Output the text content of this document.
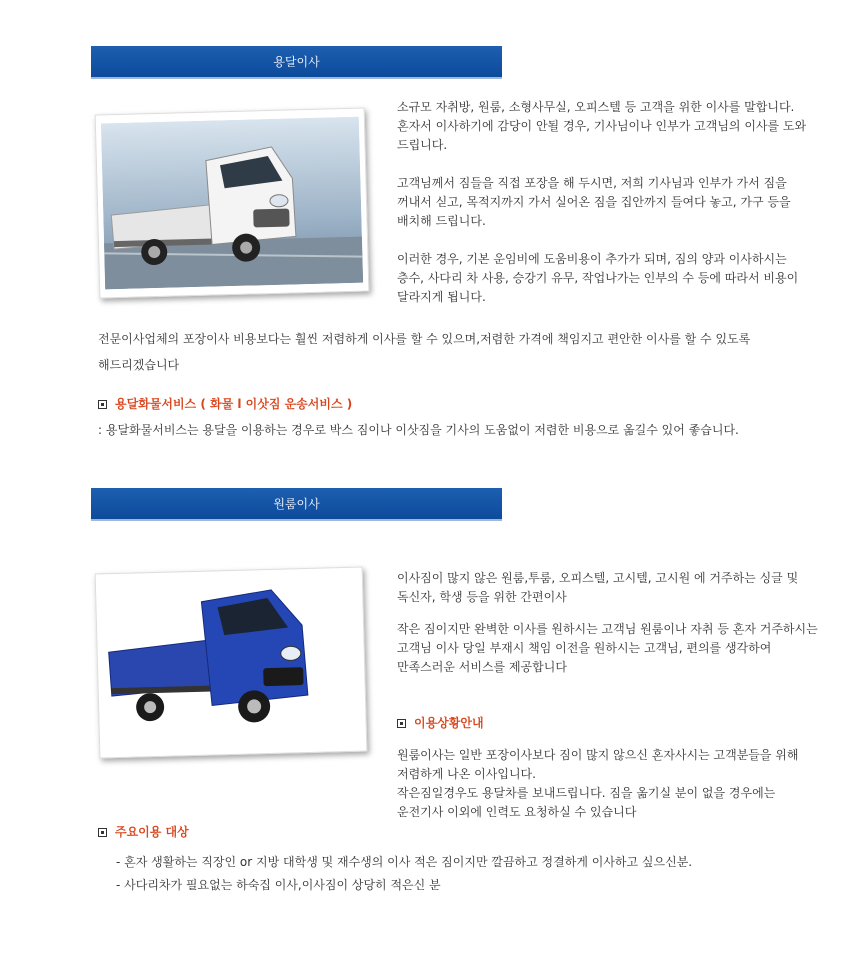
용달이사
소규모 자취방, 원룸, 소형사무실, 오피스텔 등 고객을 위한 이사를 말합니다.
혼자서 이사하기에 감당이 안될 경우, 기사님이나 인부가 고객님의 이사를 도와
드립니다.
고객님께서 짐들을 직접 포장을 해 두시면, 저희 기사님과 인부가 가서 짐을
꺼내서 싣고, 목적지까지 가서 실어온 짐을 집안까지 들여다 놓고, 가구 등을
배치해 드립니다.
이러한 경우, 기본 운임비에 도움비용이 추가가 되며, 짐의 양과 이사하시는
층수, 사다리 차 사용, 승강기 유무, 작업나가는 인부의 수 등에 따라서 비용이
달라지게 됩니다.
전문이사업체의 포장이사 비용보다는 훨씬 저렴하게 이사를 할 수 있으며,저렴한 가격에 책임지고 편안한 이사를 할 수 있도록
해드리겠습니다
용달화물서비스 ( 화물 l 이삿짐 운송서비스 )
: 용달화물서비스는 용달을 이용하는 경우로 박스 짐이나 이삿짐을 기사의 도움없이 저렴한 비용으로 옮길수 있어 좋습니다.
원룸이사
이사짐이 많지 않은 원룸,투룸, 오피스텔, 고시텔, 고시원 에 거주하는 싱글 및
독신자, 학생 등을 위한 간편이사
작은 짐이지만 완벽한 이사를 원하시는 고객님 원룸이나 자취 등 혼자 거주하시는
고객님 이사 당일 부재시 책임 이전을 원하시는 고객님, 편의를 생각하여
만족스러운 서비스를 제공합니다
이용상황안내
원룸이사는 일반 포장이사보다 짐이 많지 않으신 혼자사시는 고객분들을 위해
저렴하게 나온 이사입니다.
작은짐일경우도 용달차를 보내드립니다. 짐을 옮기실 분이 없을 경우에는
운전기사 이외에 인력도 요청하실 수 있습니다
주요이용 대상
- 혼자 생활하는 직장인 or 지방 대학생 및 재수생의 이사 적은 짐이지만 깔끔하고 정결하게 이사하고 싶으신분.
- 사다리차가 필요없는 하숙집 이사,이사짐이 상당히 적은신 분
